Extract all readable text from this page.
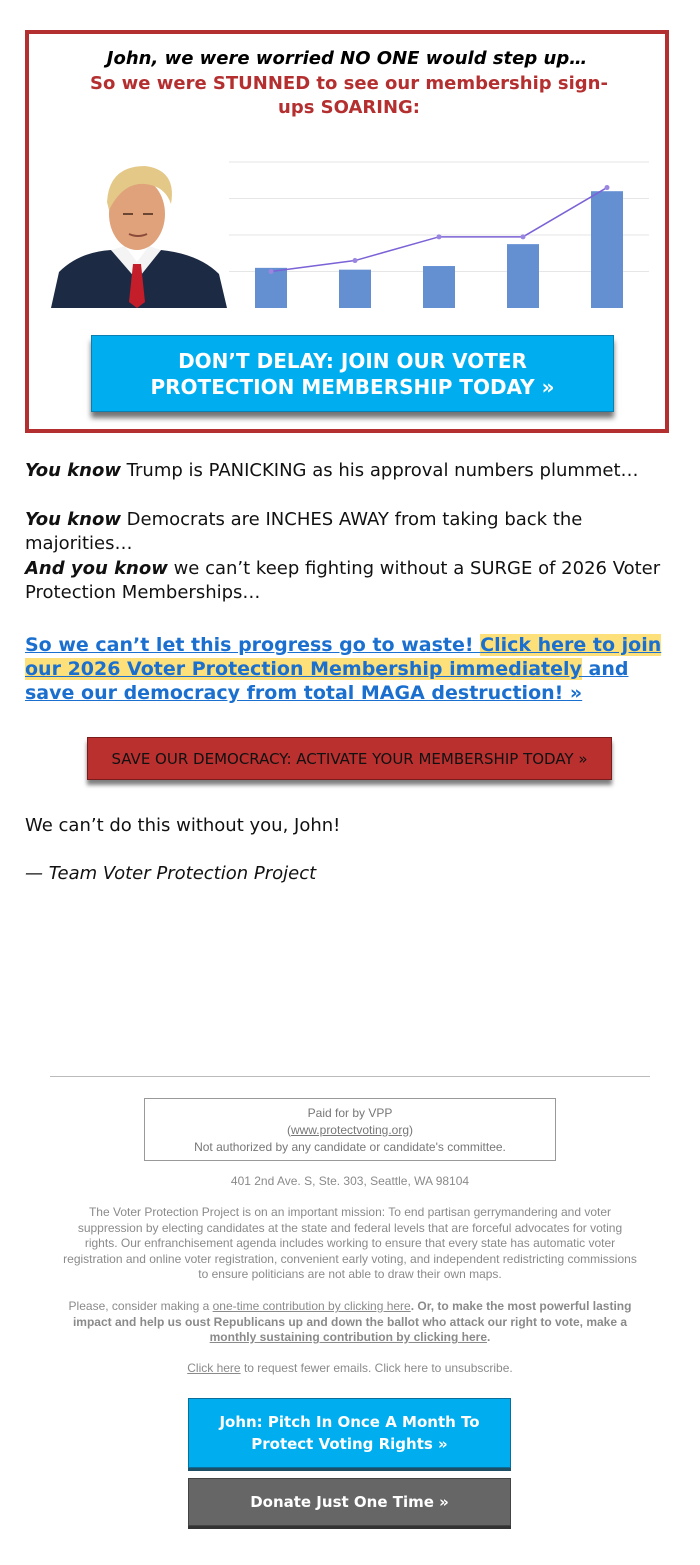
John, we were worried NO ONE would step up…
So we were STUNNED to see our membership sign-ups SOARING:
DON’T DELAY: JOIN OUR VOTER PROTECTION MEMBERSHIP TODAY »
You know Trump is PANICKING as his approval numbers plummet…
You know Democrats are INCHES AWAY from taking back the majorities…
And you know we can’t keep fighting without a SURGE of 2026 Voter Protection Memberships…
So we can’t let this progress go to waste! Click here to join our 2026 Voter Protection Membership immediately and save our democracy from total MAGA destruction! »
SAVE OUR DEMOCRACY: ACTIVATE YOUR MEMBERSHIP TODAY »
We can’t do this without you, John!
— Team Voter Protection Project
Paid for by VPP
(www.protectvoting.org)
Not authorized by any candidate or candidate's committee.
401 2nd Ave. S, Ste. 303, Seattle, WA 98104
The Voter Protection Project is on an important mission: To end partisan gerrymandering and voter suppression by electing candidates at the state and federal levels that are forceful advocates for voting rights. Our enfranchisement agenda includes working to ensure that every state has automatic voter registration and online voter registration, convenient early voting, and independent redistricting commissions to ensure politicians are not able to draw their own maps.
Please, consider making a one-time contribution by clicking here. Or, to make the most powerful lasting impact and help us oust Republicans up and down the ballot who attack our right to vote, make a monthly sustaining contribution by clicking here.
Click here to request fewer emails. Click here to unsubscribe.
John: Pitch In Once A Month To Protect Voting Rights »
Donate Just One Time »
